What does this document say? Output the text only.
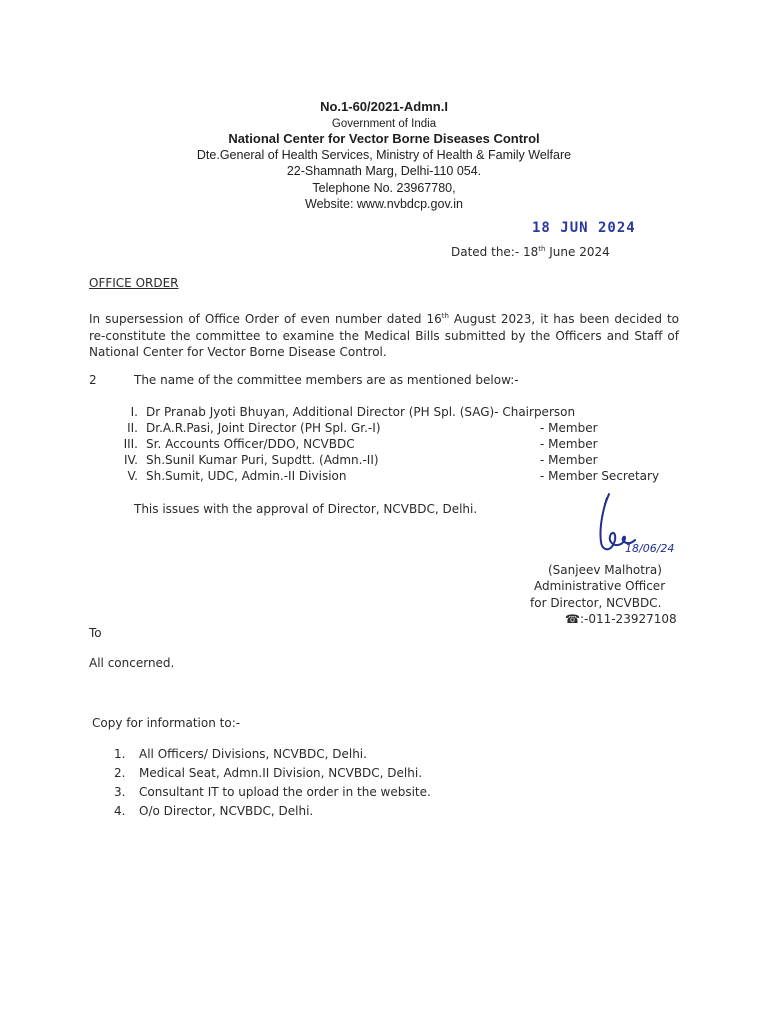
No.1-60/2021-Admn.I
Government of India
National Center for Vector Borne Diseases Control
Dte.General of Health Services, Ministry of Health & Family Welfare
22-Shamnath Marg, Delhi-110 054.
Telephone No. 23967780,
Website: www.nvbdcp.gov.in
18 JUN 2024
Dated the:- 18th June 2024
OFFICE ORDER
In supersession of Office Order of even number dated 16th August 2023, it has been decided to re-constitute the committee to examine the Medical Bills submitted by the Officers and Staff of National Center for Vector Borne Disease Control.
2	The name of the committee members are as mentioned below:-
I. Dr Pranab Jyoti Bhuyan, Additional Director (PH Spl. (SAG)- Chairperson
II. Dr.A.R.Pasi, Joint Director (PH Spl. Gr.-I)	- Member
III. Sr. Accounts Officer/DDO, NCVBDC	- Member
IV. Sh.Sunil Kumar Puri, Supdtt. (Admn.-II)	- Member
V. Sh.Sumit, UDC, Admin.-II Division	- Member Secretary
This issues with the approval of Director, NCVBDC, Delhi.
18/06/24
(Sanjeev Malhotra)
Administrative Officer
for Director, NCVBDC.
☎:-011-23927108
To
All concerned.
Copy for information to:-
1. All Officers/ Divisions, NCVBDC, Delhi.
2. Medical Seat, Admn.II Division, NCVBDC, Delhi.
3. Consultant IT to upload the order in the website.
4. O/o Director, NCVBDC, Delhi.
